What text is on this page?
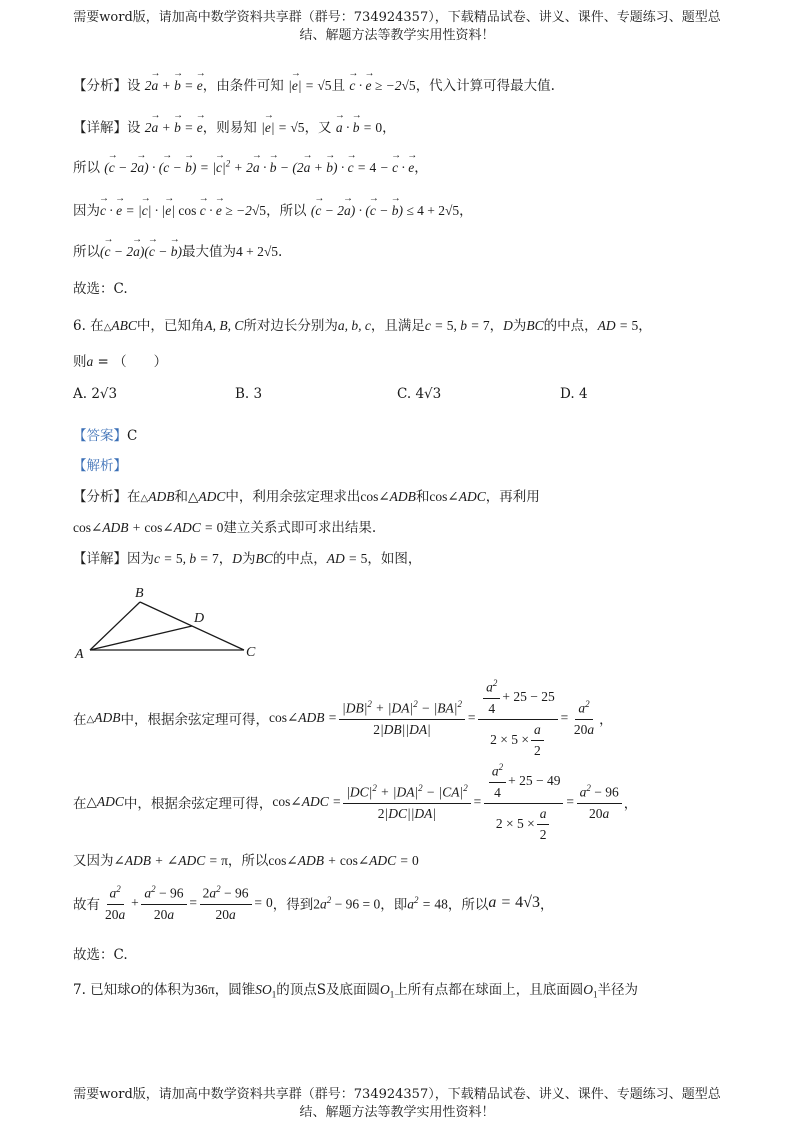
需要word版，请加高中数学资料共享群（群号：734924357），下载精品试卷、讲义、课件、专题练习、题型总
结、解题方法等教学实用性资料！
【分析】设 2→ a + → b = → e，由条件可知 |→ e| = √5且 → c · → e ≥ −2√5，代入计算可得最大值.
【详解】设 2→ a + → b = → e，则易知 |→ e| = √5，又 → a · → b = 0，
所以 (→ c − 2→ a) · (→ c − → b) = |→ $c|^2 + 2\to a$ · → b − (2→ a + → b) · → c = 4 − → c · → e，
因为→ c · → e = |→ c| · |→ e| cos → c · → e ≥ −2√5，所以 (→ c − 2→ a) · (→ c − → b) ≤ 4 + 2√5，
所以(→ c − 2→ a)(→ c − → b)最大值为4 + 2√5.
故选：C.
6. 在△ABC中，已知角A, B, C所对边长分别为a, b, c，且满足c = 5, b = 7，D为BC的中点，AD = 5，
则a = （　　）
A. 2√3	B. 3	C. 4√3	D. 4
【答案】C
【解析】
【分析】在△ADB和△ADC中，利用余弦定理求出cos∠ADB和cos∠ADC，再利用
cos∠ADB + cos∠ADC = 0建立关系式即可求出结果.
【详解】因为c = 5, b = 7，D为BC的中点，AD = 5，如图，
B
D
A	C
在 △ADB 中，根据余弦定理可得， cos∠ADB = $\frac{|DB|^2 + |DA|^2 - |BA|^2}{2|DB||DA|} = \frac{\frac{a^2}{4} + 25 - 25}{2 \times 5 \times \frac{a}{2}} = \frac{a^2}{20a}$ ，
在 △ADC 中，根据余弦定理可得， cos∠ADC = $\frac{|DC|^2 + |DA|^2 - |CA|^2}{2|DC||DA|} = \frac{\frac{a^2}{4} + 25 - 49}{2 \times 5 \times \frac{a}{2}} = \frac{a^2 - 96}{20a}$ ，
又因为∠ADB + ∠ADC = π，所以cos∠ADB + cos∠ADC = 0
故有 $\frac{a^2}{20a} + \frac{a^2 - 96}{20a} = \frac{2a^2 - 96}{20a} = 0$ ，得到 $2a^2 - 96 = 0$ ，即 $a^2 = 48$ ，所以 a = 4√3 ，
故选：C.
7. 已知球O的体积为36π，圆锥$SO_1$的顶点S及底面圆$O_1$上所有点都在球面上，且底面圆$O_1$半径为
需要word版，请加高中数学资料共享群（群号：734924357），下载精品试卷、讲义、课件、专题练习、题型总
结、解题方法等教学实用性资料！
